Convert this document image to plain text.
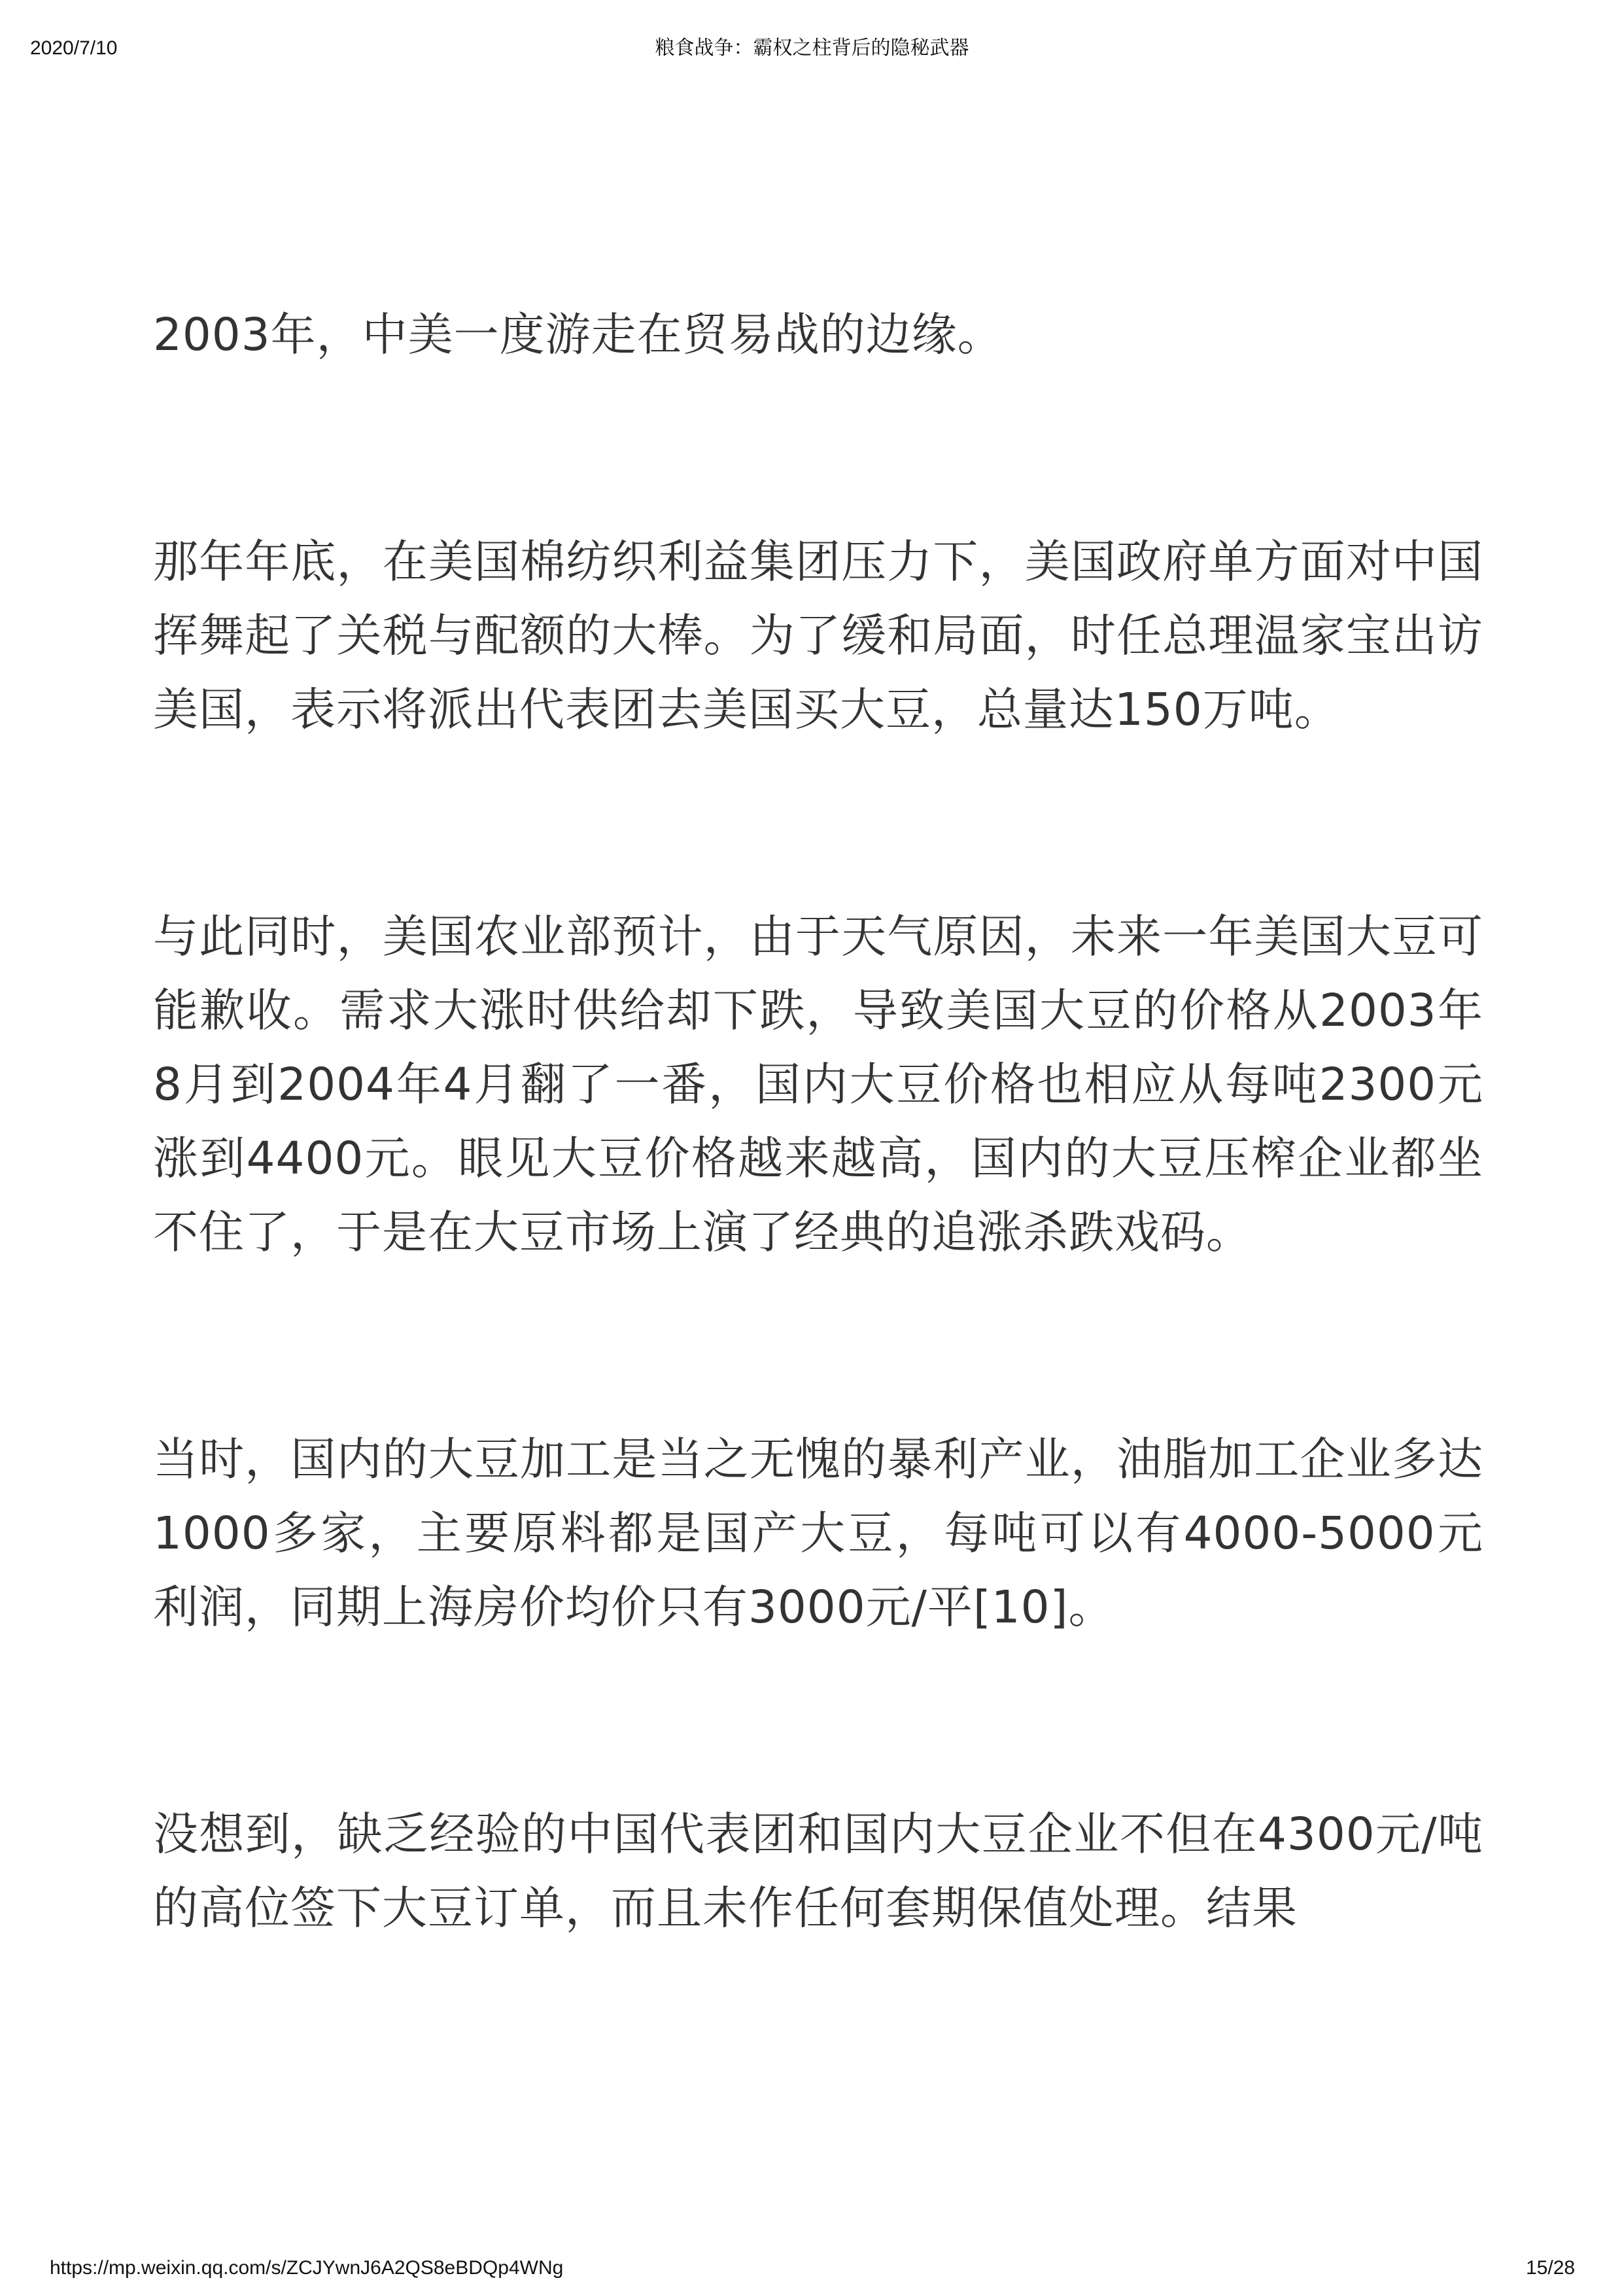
2020/7/10	粮食战争：霸权之柱背后的隐秘武器

2003年，中美一度游走在贸易战的边缘。

那年年底，在美国棉纺织利益集团压力下，美国政府单方面对中国挥舞起了关税与配额的大棒。为了缓和局面，时任总理温家宝出访美国，表示将派出代表团去美国买大豆，总量达150万吨。

与此同时，美国农业部预计，由于天气原因，未来一年美国大豆可能歉收。需求大涨时供给却下跌，导致美国大豆的价格从2003年8月到2004年4月翻了一番，国内大豆价格也相应从每吨2300元涨到4400元。眼见大豆价格越来越高，国内的大豆压榨企业都坐不住了，于是在大豆市场上演了经典的追涨杀跌戏码。

当时，国内的大豆加工是当之无愧的暴利产业，油脂加工企业多达1000多家，主要原料都是国产大豆，每吨可以有4000-5000元利润，同期上海房价均价只有3000元/平[10]。

没想到，缺乏经验的中国代表团和国内大豆企业不但在4300元/吨的高位签下大豆订单，而且未作任何套期保值处理。结果

https://mp.weixin.qq.com/s/ZCJYwnJ6A2QS8eBDQp4WNg	15/28
